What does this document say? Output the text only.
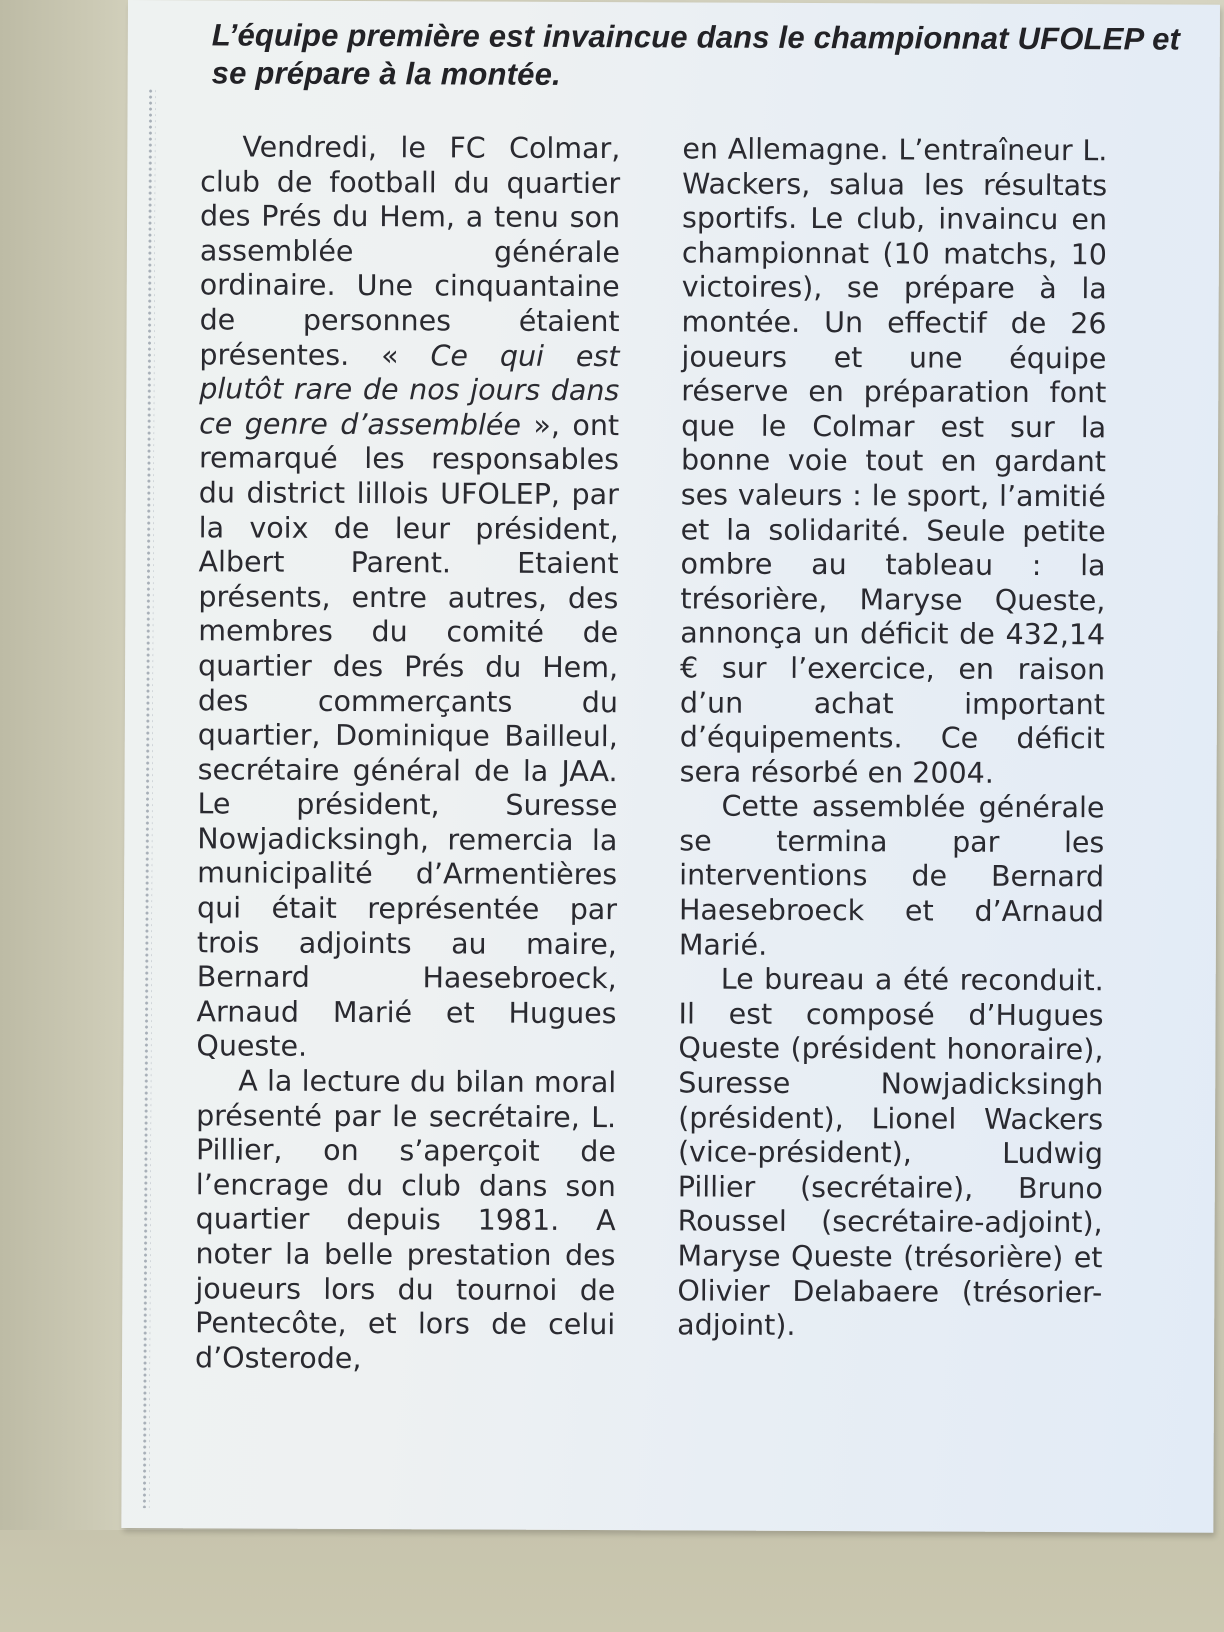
L’équipe première est invaincue dans le championnat UFOLEP et se prépare à la montée.

Vendredi, le FC Colmar, club de football du quartier des Prés du Hem, a tenu son assemblée générale ordinaire. Une cinquantaine de personnes étaient présentes. « Ce qui est plutôt rare de nos jours dans ce genre d’assemblée », ont remarqué les responsables du district lillois UFOLEP, par la voix de leur président, Albert Parent. Etaient présents, entre autres, des membres du comité de quartier des Prés du Hem, des commerçants du quartier, Dominique Bailleul, secrétaire général de la JAA. Le président, Suresse Nowjadicksingh, remercia la municipalité d’Armentières qui était représentée par trois adjoints au maire, Bernard Haesebroeck, Arnaud Marié et Hugues Queste.

A la lecture du bilan moral présenté par le secrétaire, L. Pillier, on s’aperçoit de l’encrage du club dans son quartier depuis 1981. A noter la belle prestation des joueurs lors du tournoi de Pentecôte, et lors de celui d’Osterode,

en Allemagne. L’entraîneur L. Wackers, salua les résultats sportifs. Le club, invaincu en championnat (10 matchs, 10 victoires), se prépare à la montée. Un effectif de 26 joueurs et une équipe réserve en préparation font que le Colmar est sur la bonne voie tout en gardant ses valeurs : le sport, l’amitié et la solidarité. Seule petite ombre au tableau : la trésorière, Maryse Queste, annonça un déficit de 432,14 € sur l’exercice, en raison d’un achat important d’équipements. Ce déficit sera résorbé en 2004.

Cette assemblée générale se termina par les interventions de Bernard Haesebroeck et d’Arnaud Marié.

Le bureau a été reconduit. Il est composé d’Hugues Queste (président honoraire), Suresse Nowjadicksingh (président), Lionel Wackers (vice-président), Ludwig Pillier (secrétaire), Bruno Roussel (secrétaire-adjoint), Maryse Queste (trésorière) et Olivier Delabaere (trésorier-adjoint).
